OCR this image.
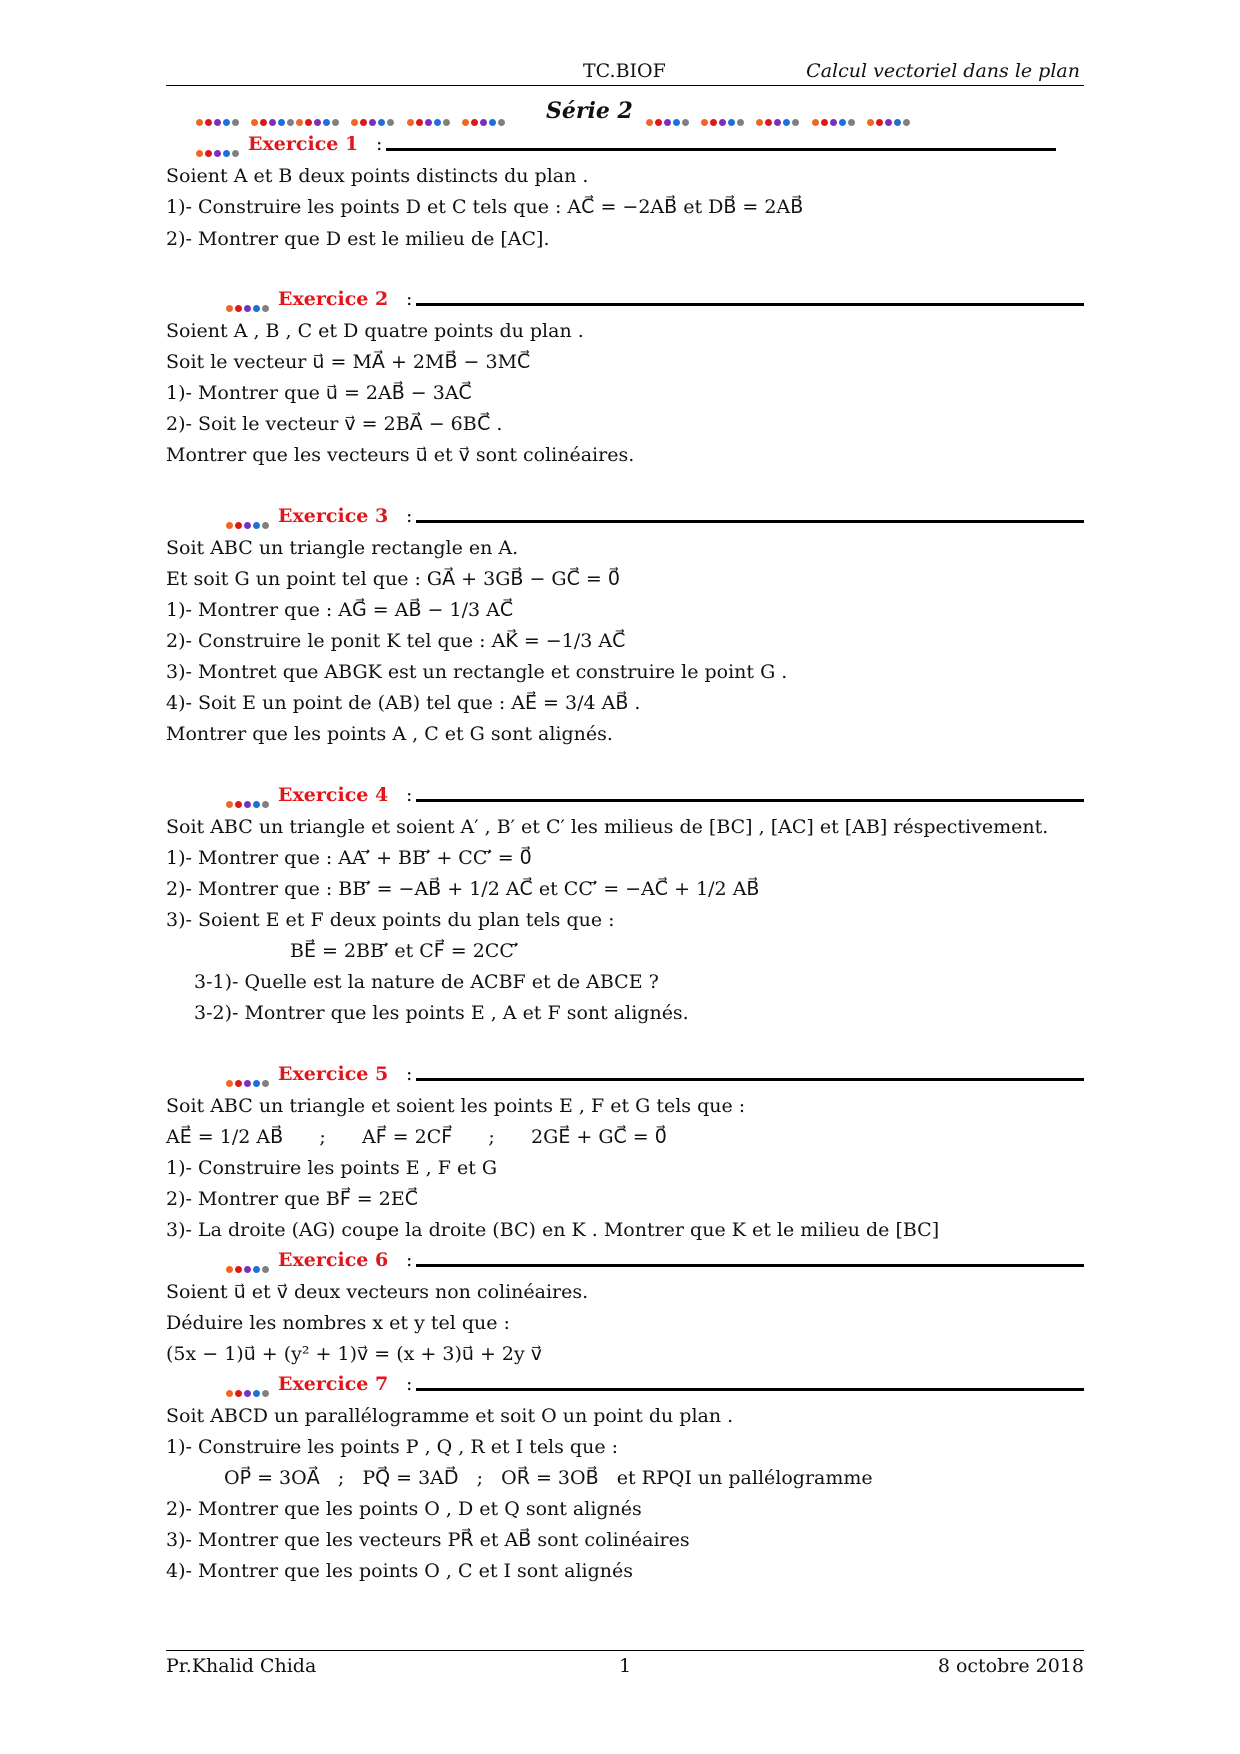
TC.BIOF	Calcul vectoriel dans le plan

Série 2

Exercice 1 :
Soient A et B deux points distincts du plan .
1)- Construire les points D et C tels que : AC⃗ = −2AB⃗ et DB⃗ = 2AB⃗
2)- Montrer que D est le milieu de [AC].
Exercice 2 :
Soient A , B , C et D quatre points du plan .
Soit le vecteur u⃗ = MA⃗ + 2MB⃗ − 3MC⃗
1)- Montrer que u⃗ = 2AB⃗ − 3AC⃗
2)- Soit le vecteur v⃗ = 2BA⃗ − 6BC⃗ .
Montrer que les vecteurs u⃗ et v⃗ sont colinéaires.
Exercice 3 :
Soit ABC un triangle rectangle en A.
Et soit G un point tel que : GA⃗ + 3GB⃗ − GC⃗ = 0⃗
1)- Montrer que : AG⃗ = AB⃗ − 1/3 AC⃗
2)- Construire le ponit K tel que : AK⃗ = −1/3 AC⃗
3)- Montret que ABGK est un rectangle et construire le point G .
4)- Soit E un point de (AB) tel que : AE⃗ = 3/4 AB⃗ .
Montrer que les points A , C et G sont alignés.
Exercice 4 :
Soit ABC un triangle et soient A′ , B′ et C′ les milieus de [BC] , [AC] et [AB] réspectivement.
1)- Montrer que : AA′⃗ + BB′⃗ + CC′⃗ = 0⃗
2)- Montrer que : BB′⃗ = −AB⃗ + 1/2 AC⃗ et CC′⃗ = −AC⃗ + 1/2 AB⃗
3)- Soient E et F deux points du plan tels que :
BE⃗ = 2BB′⃗ et CF⃗ = 2CC′⃗
3-1)- Quelle est la nature de ACBF et de ABCE ?
3-2)- Montrer que les points E , A et F sont alignés.
Exercice 5 :
Soit ABC un triangle et soient les points E , F et G tels que :
AE⃗ = 1/2 AB⃗      ;      AF⃗ = 2CF⃗      ;      2GE⃗ + GC⃗ = 0⃗
1)- Construire les points E , F et G
2)- Montrer que BF⃗ = 2EC⃗
3)- La droite (AG) coupe la droite (BC) en K . Montrer que K et le milieu de [BC]
Exercice 6 :
Soient u⃗ et v⃗ deux vecteurs non colinéaires.
Déduire les nombres x et y tel que :
(5x − 1)u⃗ + (y² + 1)v⃗ = (x + 3)u⃗ + 2y v⃗
Exercice 7 :
Soit ABCD un parallélogramme et soit O un point du plan .
1)- Construire les points P , Q , R et I tels que :
OP⃗ = 3OA⃗   ;   PQ⃗ = 3AD⃗   ;   OR⃗ = 3OB⃗   et RPQI un pallélogramme
2)- Montrer que les points O , D et Q sont alignés
3)- Montrer que les vecteurs PR⃗ et AB⃗ sont colinéaires
4)- Montrer que les points O , C et I sont alignés
Pr.Khalid Chida	1	8 octobre 2018
